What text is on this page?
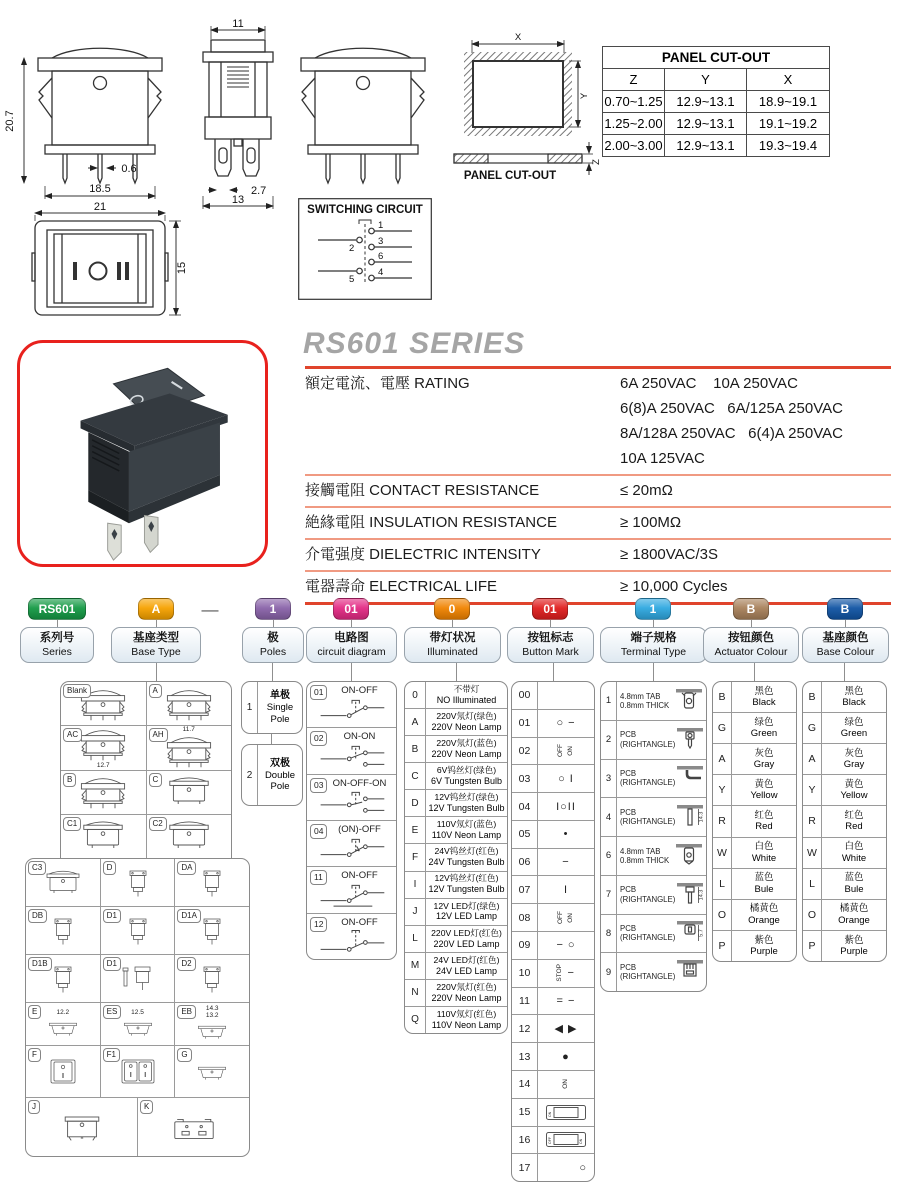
20.7
18.5
0.6
11
2.7
13
X
Y
Z
PANEL CUT-OUT
21
15
SWITCHING CIRCUIT
1
3
6
4
2
5
PANEL CUT-OUT
Z	Y	X
0.70~1.25	12.9~13.1	18.9~19.1
1.25~2.00	12.9~13.1	19.1~19.2
2.00~3.00	12.9~13.1	19.3~19.4
RS601 SERIES
額定電流、電壓 RATING	6A 250VAC    10A 250VAC
6(8)A 250VAC   6A/125A 250VAC
8A/128A 250VAC   6(4)A 250VAC
10A 125VAC
接觸電阻 CONTACT RESISTANCE	≤ 20mΩ
絶緣電阻 INSULATION RESISTANCE	≥ 100MΩ
介電强度 DIELECTRIC INTENSITY	≥ 1800VAC/3S
電器壽命 ELECTRICAL LIFE	≥ 10,000 Cycles
RS601
系列号
Series
A
基座类型
Base Type
1
极
Poles
01
电路图
circuit diagram
0
带灯状况
Illuminated
01
按钮标志
Button Mark
1
端子规格
Terminal Type
B
按钮颜色
Actuator Colour
B
基座颜色
Base Colour
—
Blank	A
AC
12.7
AH
11.7
B	C
C1	C2
C3	D	DA
DB	D1	D1A
D1B	D1	D2
E	12.2	ES	12.5	EB	14.3
13.2
F	F1	G
J	K
1
单极
Single Pole
2
双极
Double Pole
01	ON-OFF
02	ON-ON
03 ON-OFF-ON
04	(ON)-OFF
11	ON-OFF
12	ON-OFF
0
不带灯
NO Illuminated
A
220V氖灯(绿色)
220V Neon Lamp
B
220V氖灯(蓝色)
220V Neon Lamp
C
6V钨丝灯(绿色)
6V Tungsten Bulb
D
12V钨丝灯(绿色)
12V Tungsten Bulb
E
110V氖灯(蓝色)
110V Neon Lamp
F
24V钨丝灯(红色)
24V Tungsten Bulb
I
12V钨丝灯(红色)
12V Tungsten Bulb
J
12V LED灯(绿色)
12V LED Lamp
L
220V LED灯(红色)
220V LED Lamp
M
24V LED灯(红色)
24V LED Lamp
N
220V氖灯(红色)
220V Neon Lamp
Q
110V氖灯(红色)
110V Neon Lamp
00
01	○ −
02	OFF ON
03	○ I
04	I○II
05	•
06	−
07	I
08	OFF ON
09	− ○
10	STOP −
11	= −
12	◀ ▶
13	●
14	ON
15	ON
16	OFF	ON
17	○
1	4.8mm TAB
0.8mm THICK
2	PCB
(RIGHTANGLE)
3	PCB
(RIGHTANGLE)
4	PCB
(RIGHTANGLE)	14.3
6	4.8mm TAB
0.8mm THICK
7	PCB
(RIGHTANGLE)	14.3
8	PCB
(RIGHTANGLE)	5.7
9	PCB
(RIGHTANGLE)
B	黑色
Black
G	绿色
Green
A	灰色
Gray
Y	黄色
Yellow
R	红色
Red
W	白色
White
L	蓝色
Bule
O	橘黄色
Orange
P	紫色
Purple
B	黑色
Black
G	绿色
Green
A	灰色
Gray
Y	黄色
Yellow
R	红色
Red
W	白色
White
L	蓝色
Bule
O	橘黄色
Orange
P	紫色
Purple
